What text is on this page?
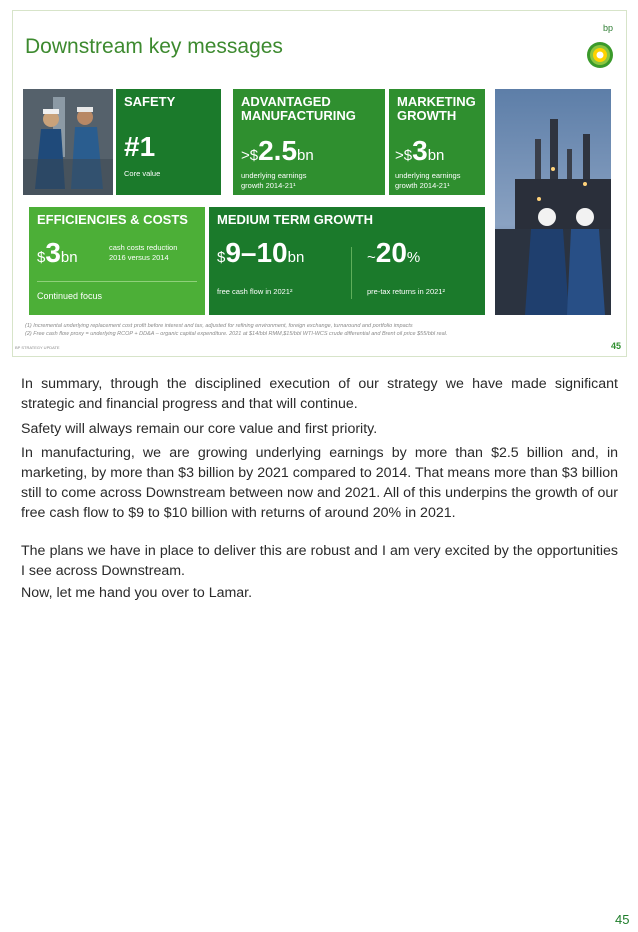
Downstream key messages
bp
SAFETY
#1
Core value
ADVANTAGED
MANUFACTURING
>$2.5bn
underlying earnings
growth 2014-21¹
MARKETING
GROWTH
>$3bn
underlying earnings
growth 2014-21¹
EFFICIENCIES & COSTS
$3bn
cash costs reduction
2016 versus 2014
Continued focus
MEDIUM TERM GROWTH
$9–10bn
free cash flow in 2021²
~20%
pre-tax returns in 2021²
(1) Incremental underlying replacement cost profit before interest and tax, adjusted for refining environment, foreign exchange, turnaround and portfolio impacts
(2) Free cash flow proxy = underlying RCOP + DD&A – organic capital expenditure. 2021 at $14/bbl RMM,$15/bbl WTI-WCS crude differential and Brent oil price $55/bbl real.
BP STRATEGY UPDATE	45
In summary, through the disciplined execution of our strategy we have made significant strategic and financial progress and that will continue.
Safety will always remain our core value and first priority.
In manufacturing, we are growing underlying earnings by more than $2.5 billion and, in marketing, by more than $3 billion by 2021 compared to 2014. That means more than $3 billion still to come across Downstream between now and 2021. All of this underpins the growth of our free cash flow to $9 to $10 billion with returns of around 20% in 2021.
The plans we have in place to deliver this are robust and I am very excited by the opportunities I see across Downstream.
Now, let me hand you over to Lamar.
45
